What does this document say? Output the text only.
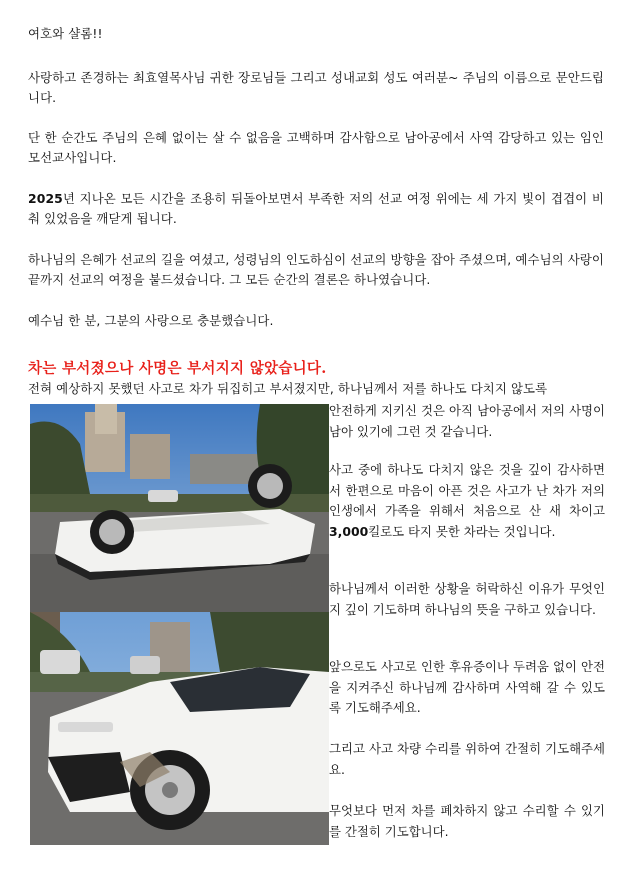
여호와 샬롬!!

사랑하고 존경하는 최효열목사님 귀한 장로님들 그리고 성내교회 성도 여러분~ 주님의 이름으로 문안드립니다.

단 한 순간도 주님의 은혜 없이는 살 수 없음을 고백하며 감사함으로 남아공에서 사역 감당하고 있는 임인모선교사입니다.

2025년 지나온 모든 시간을 조용히 뒤돌아보면서 부족한 저의 선교 여정 위에는 세 가지 빛이 겹겹이 비춰 있었음을 깨닫게 됩니다.

하나님의 은혜가 선교의 길을 여셨고, 성령님의 인도하심이 선교의 방향을 잡아 주셨으며, 예수님의 사랑이 끝까지 선교의 여정을 붙드셨습니다. 그 모든 순간의 결론은 하나였습니다.

예수님 한 분, 그분의 사랑으로 충분했습니다.

차는 부서졌으나 사명은 부서지지 않았습니다.

전혀 예상하지 못했던 사고로 차가 뒤집히고 부서졌지만, 하나님께서 저를 하나도 다치지 않도록

안전하게 지키신 것은 아직 남아공에서 저의 사명이 남아 있기에 그런 것 같습니다.

사고 중에 하나도 다치지 않은 것을 깊이 감사하면서 한편으로 마음이 아픈 것은 사고가 난 차가 저의 인생에서 가족을 위해서 처음으로 산 새 차이고 3,000킬로도 타지 못한 차라는 것입니다.

하나님께서 이러한 상황을 허락하신 이유가 무엇인지 깊이 기도하며 하나님의 뜻을 구하고 있습니다.

앞으로도 사고로 인한 후유증이나 두려움 없이 안전을 지켜주신 하나님께 감사하며 사역해 갈 수 있도록 기도해주세요.

그리고 사고 차량 수리를 위하여 간절히 기도해주세요.

무엇보다 먼저 차를 폐차하지 않고 수리할 수 있기를 간절히 기도합니다.
